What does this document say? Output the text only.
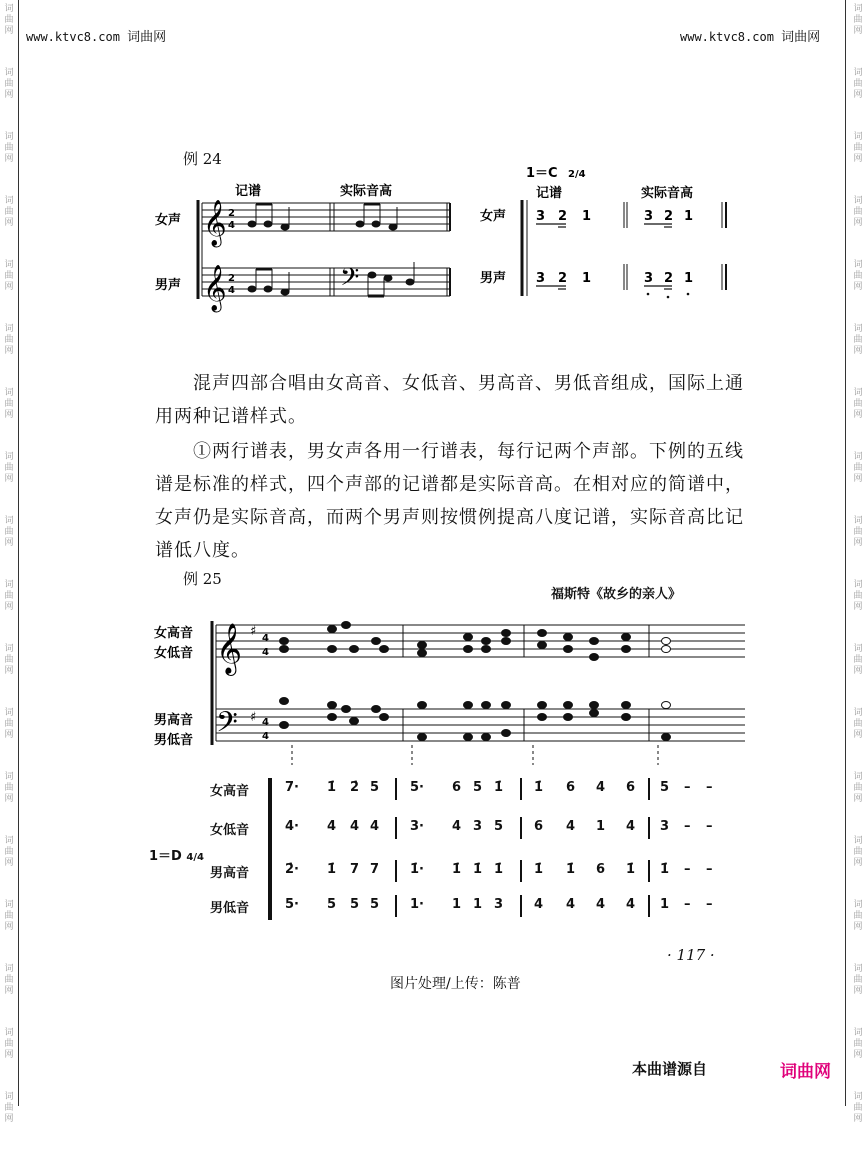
词
曲
网
词
曲
网
词
曲
网
词
曲
网
词
曲
网
词
曲
网
词
曲
网
词
曲
网
词
曲
网
词
曲
网
词
曲
网
词
曲
网
词
曲
网
词
曲
网
词
曲
网
词
曲
网
词
曲
网
词
曲
网
词
曲
网
词
曲
网
词
曲
网
词
曲
网
词
曲
网
词
曲
网
词
曲
网
词
曲
网
词
曲
网
词
曲
网
词
曲
网
词
曲
网
词
曲
网
词
曲
网
词
曲
网
词
曲
网
词
曲
网
词
曲
网
www.ktvc8.com 词曲网	www.ktvc8.com 词曲网
例 24
记谱	实际音高
女声
男声
𝄞
𝄞	𝄢
2
4
2
4
1＝C 2/4
记谱	实际音高
女声
男声
3 2 1	3 2 1
3 2 1	3 2 1

混声四部合唱由女高音、女低音、男高音、男低音组成，国际上通用两种记谱样式。

①两行谱表，男女声各用一行谱表，每行记两个声部。下例的五线谱是标准的样式，四个声部的记谱都是实际音高。在相对应的简谱中，女声仍是实际音高，而两个男声则按惯例提高八度记谱，实际音高比记谱低八度。

例 25
福斯特《故乡的亲人》
女高音
女低音
男高音
男低音
𝄞
𝄢
♯
♯
4
4
4
4
1＝D 4/4
女高音	7· 1̇ 2̇ 5 5· 6 5 1̇ 1̇ 6 4 6 5 – –
女低音	4· 4 4 4 3· 4 3 5 6 4 1 4 3 – –
男高音	2̇· 1̇ 7 7 1̇· 1̇ 1̇ 1̇ 1̇ 1̇ 6 1̇ 1̇ – –
男低音	5· 5 5 5 1· 1 1 3 4 4 4 4 1 – –
· 117 ·
图片处理/上传：陈普
本曲谱源自	词曲网
